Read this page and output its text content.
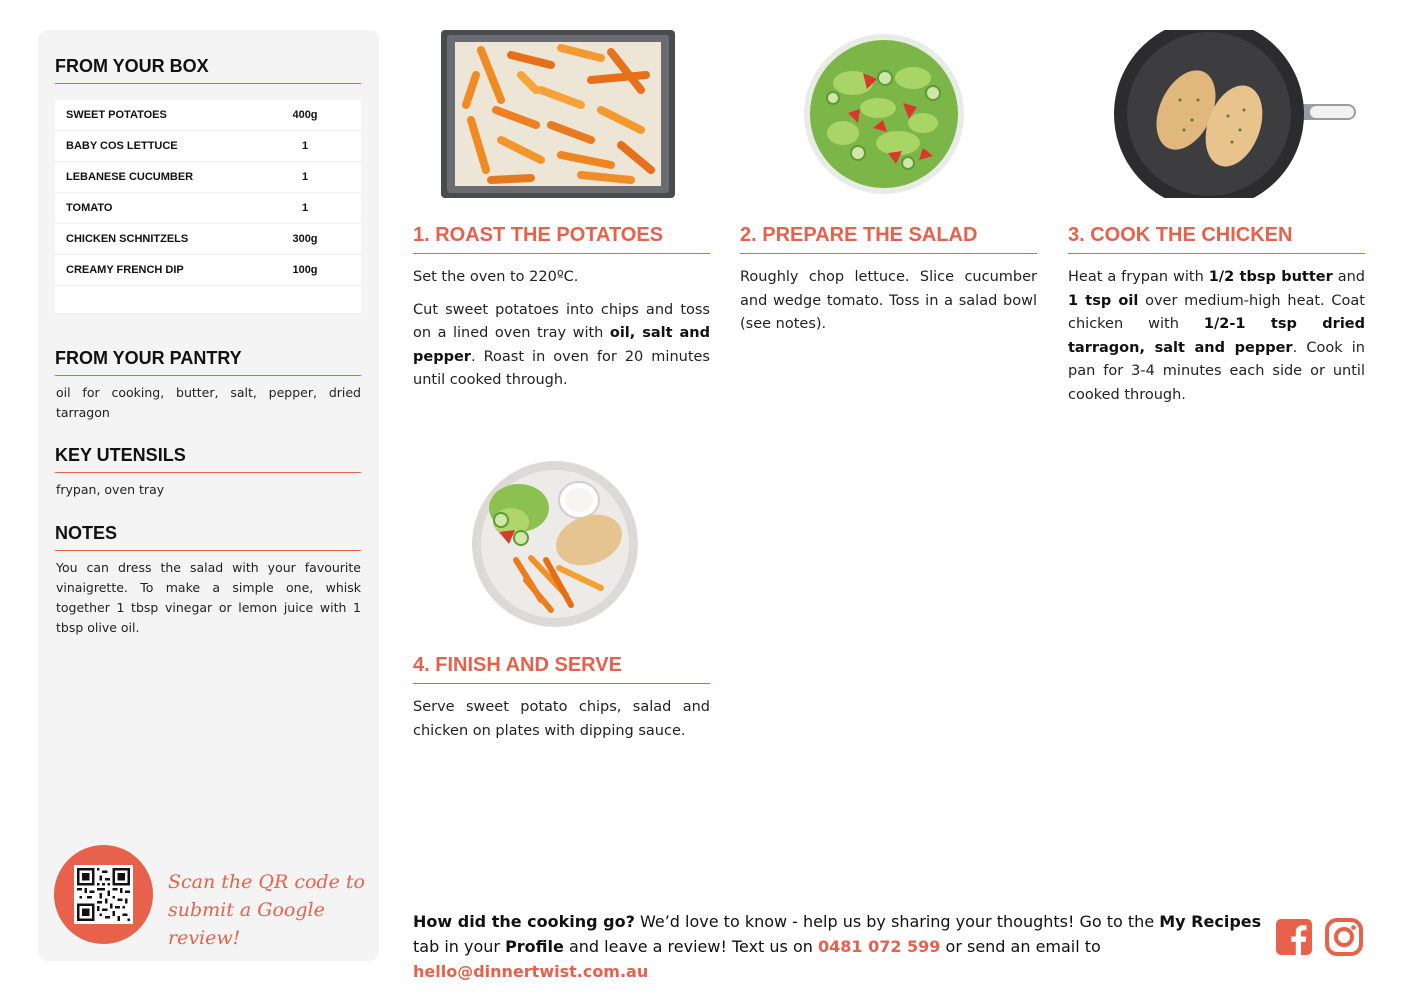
FROM YOUR BOX
SWEET POTATOES	400g
BABY COS LETTUCE	1
LEBANESE CUCUMBER	1
TOMATO	1
CHICKEN SCHNITZELS	300g
CREAMY FRENCH DIP	100g
FROM YOUR PANTRY
oil for cooking, butter, salt, pepper, dried tarragon
KEY UTENSILS
frypan, oven tray
NOTES
You can dress the salad with your favourite vinaigrette. To make a simple one, whisk together 1 tbsp vinegar or lemon juice with 1 tbsp olive oil.
Scan the QR code to
submit a Google review!
1. ROAST THE POTATOES

Set the oven to 220ºC.

Cut sweet potatoes into chips and toss on a lined oven tray with oil, salt and pepper. Roast in oven for 20 minutes until cooked through.

2. PREPARE THE SALAD

Roughly chop lettuce. Slice cucumber and wedge tomato. Toss in a salad bowl (see notes).

3. COOK THE CHICKEN

Heat a frypan with 1/2 tbsp butter and 1 tsp oil over medium-high heat. Coat chicken with 1/2-1 tsp dried tarragon, salt and pepper. Cook in pan for 3-4 minutes each side or until cooked through.

4. FINISH AND SERVE

Serve sweet potato chips, salad and chicken on plates with dipping sauce.

How did the cooking go? We’d love to know - help us by sharing your thoughts! Go to the My Recipes tab in your Profile and leave a review! Text us on 0481 072 599 or send an email to hello@dinnertwist.com.au
